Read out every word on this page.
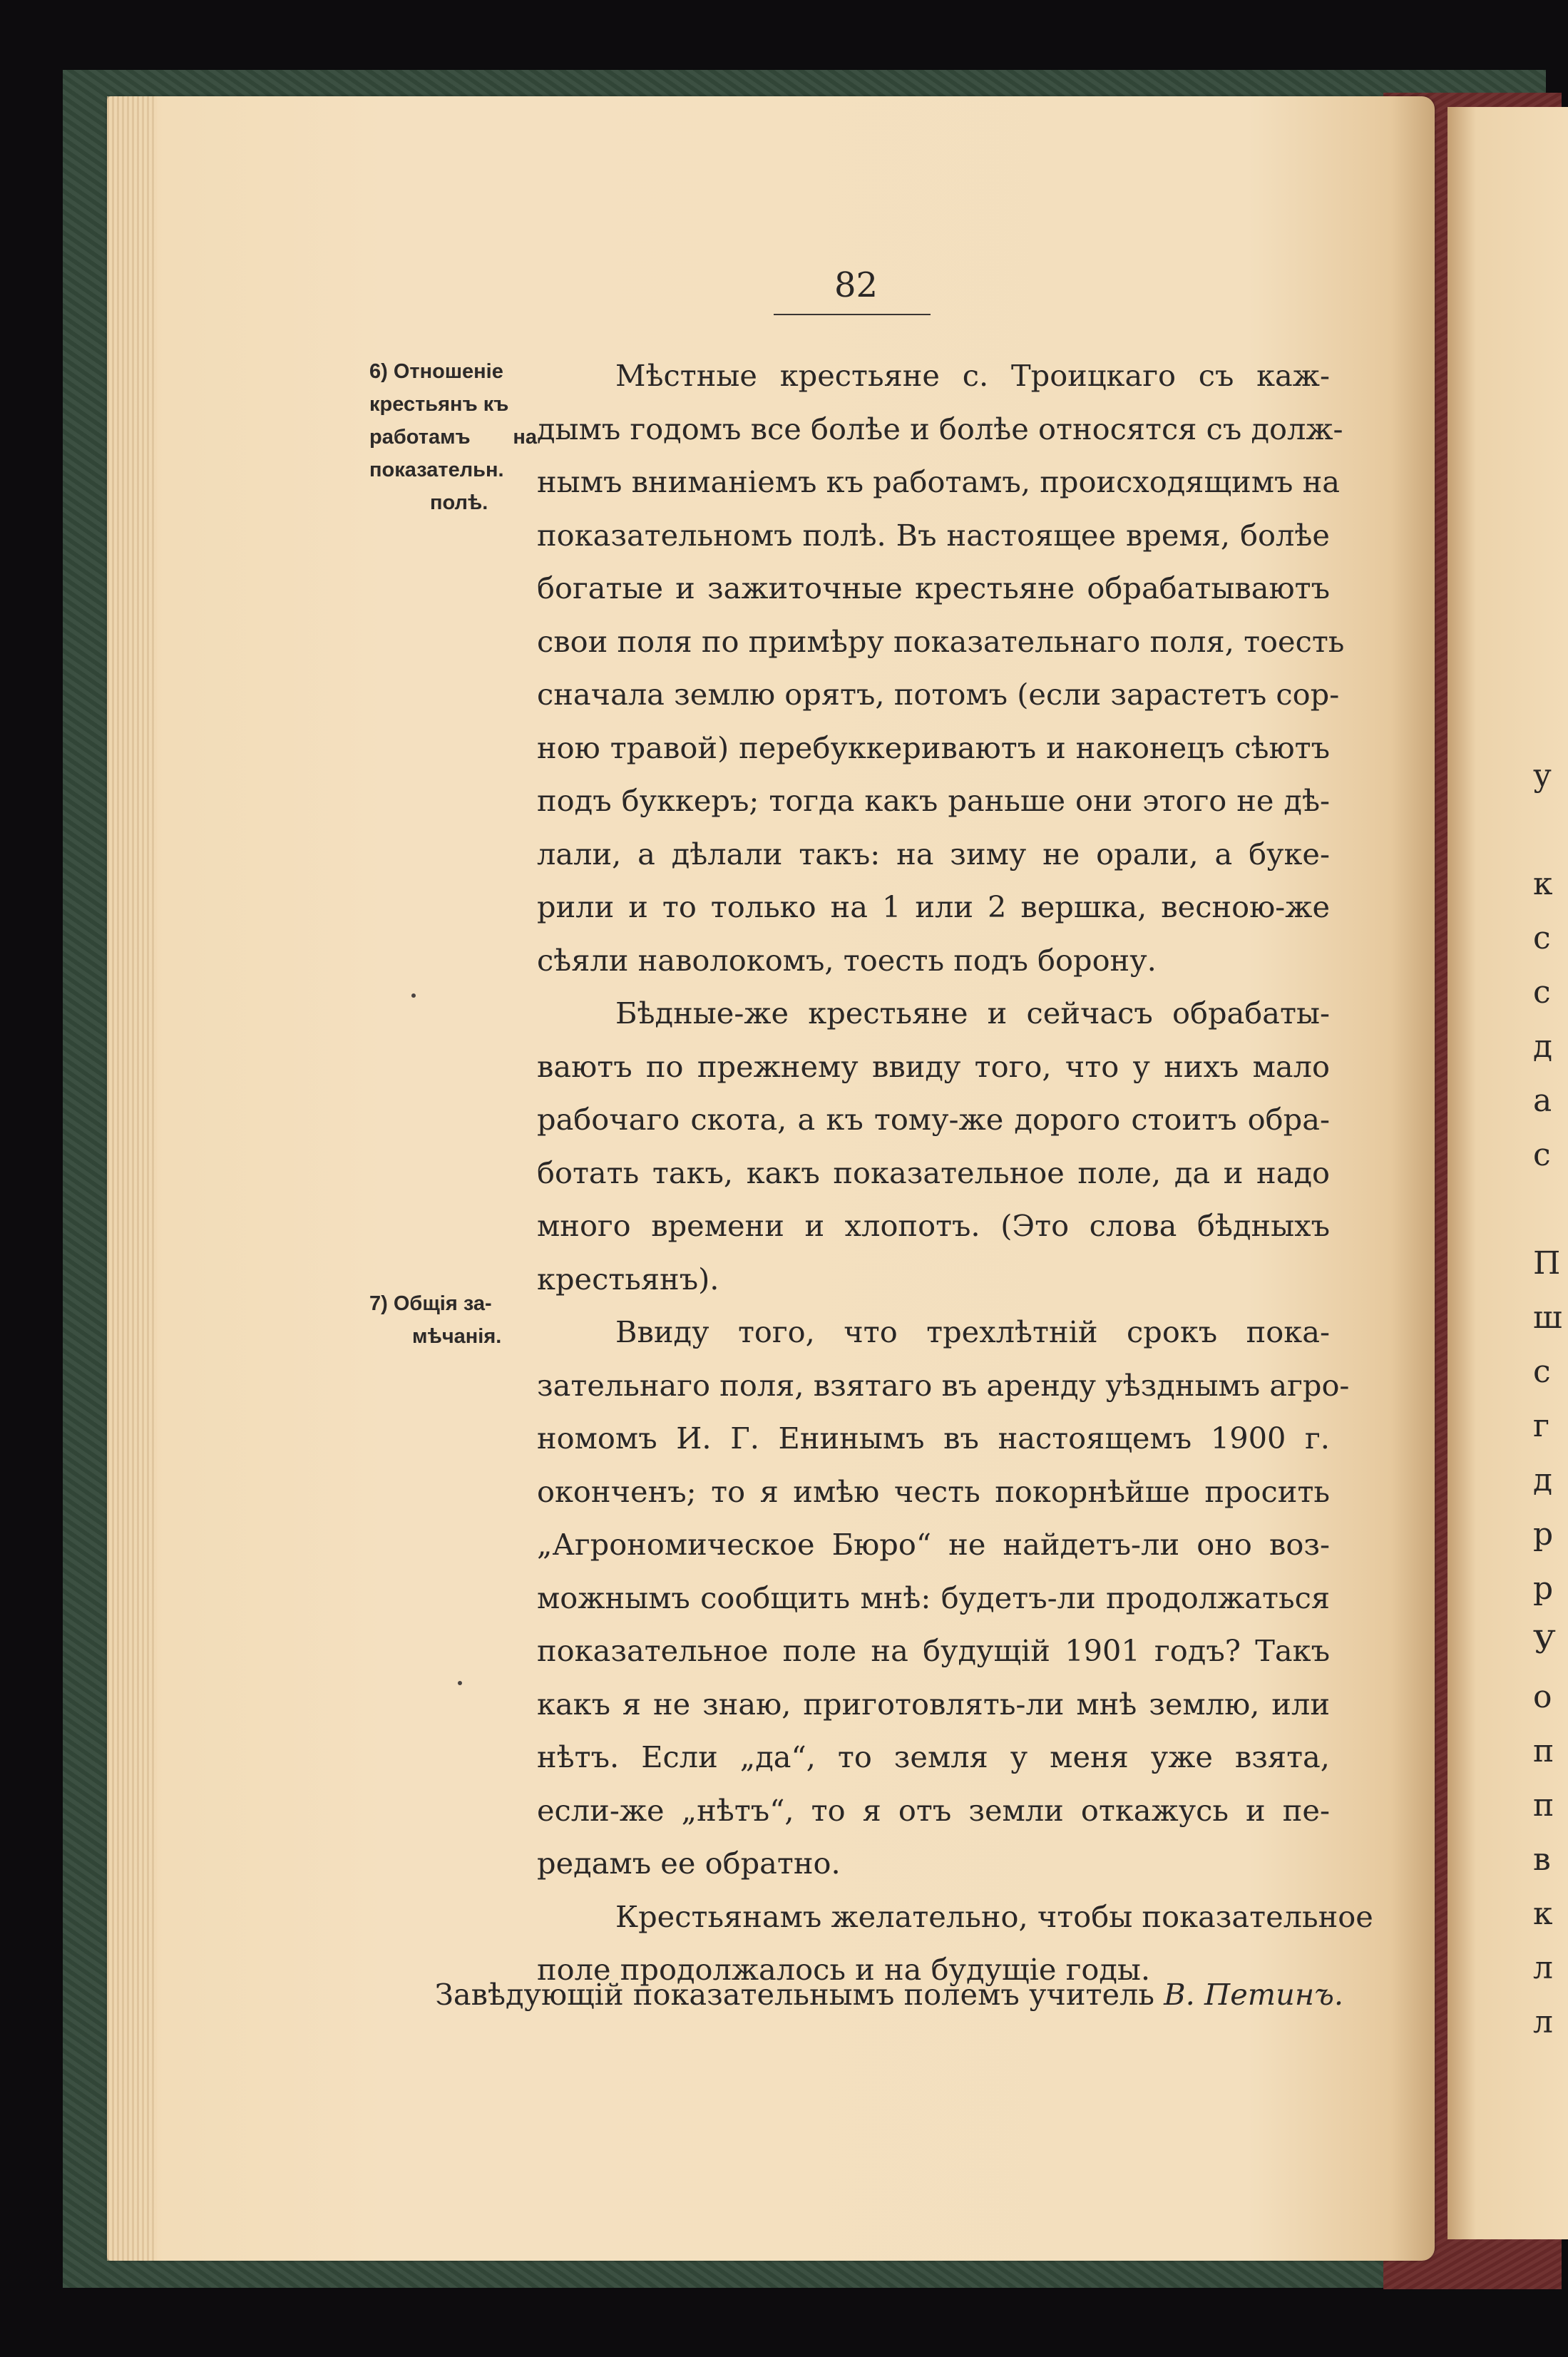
у
к
с
с
д
а
с
П
ш
с
г
д
р
р
У
о
п
п
в
к
л
л
82
6) Отношеніе
крестьянъ къ
работамъ на
показательн.
полѣ.
7) Общія за-
мѣчанія.
Мѣстные крестьяне с. Троицкаго съ каж-
дымъ годомъ все болѣе и болѣе относятся съ долж-
нымъ вниманіемъ къ работамъ, происходящимъ на
показательномъ полѣ. Въ настоящее время, болѣе
богатые и зажиточные крестьяне обрабатываютъ
свои поля по примѣру показательнаго поля, тоесть
сначала землю орятъ, потомъ (если зарастетъ сор-
ною травой) перебуккериваютъ и наконецъ сѣютъ
подъ буккеръ; тогда какъ раньше они этого не дѣ-
лали, а дѣлали такъ: на зиму не орали, а буке-
рили и то только на 1 или 2 вершка, весною-же
сѣяли наволокомъ, тоесть подъ борону.
Бѣдные-же крестьяне и сейчасъ обрабаты-
ваютъ по прежнему ввиду того, что у нихъ мало
рабочаго скота, а къ тому-же дорого стоитъ обра-
ботать такъ, какъ показательное поле, да и надо
много времени и хлопотъ. (Это слова бѣдныхъ
крестьянъ).
Ввиду того, что трехлѣтній срокъ пока-
зательнаго поля, взятаго въ аренду уѣзднымъ агро-
номомъ И. Г. Енинымъ въ настоящемъ 1900 г.
оконченъ; то я имѣю честь покорнѣйше просить
„Агрономическое Бюро“ не найдетъ-ли оно воз-
можнымъ сообщить мнѣ: будетъ-ли продолжаться
показательное поле на будущій 1901 годъ? Такъ
какъ я не знаю, приготовлять-ли мнѣ землю, или
нѣтъ. Если „да“, то земля у меня уже взята,
если-же „нѣтъ“, то я отъ земли откажусь и пе-
редамъ ее обратно.
Крестьянамъ желательно, чтобы показательное
поле продолжалось и на будущіе годы.
Завѣдующій показательнымъ полемъ учитель В. Петинъ.
